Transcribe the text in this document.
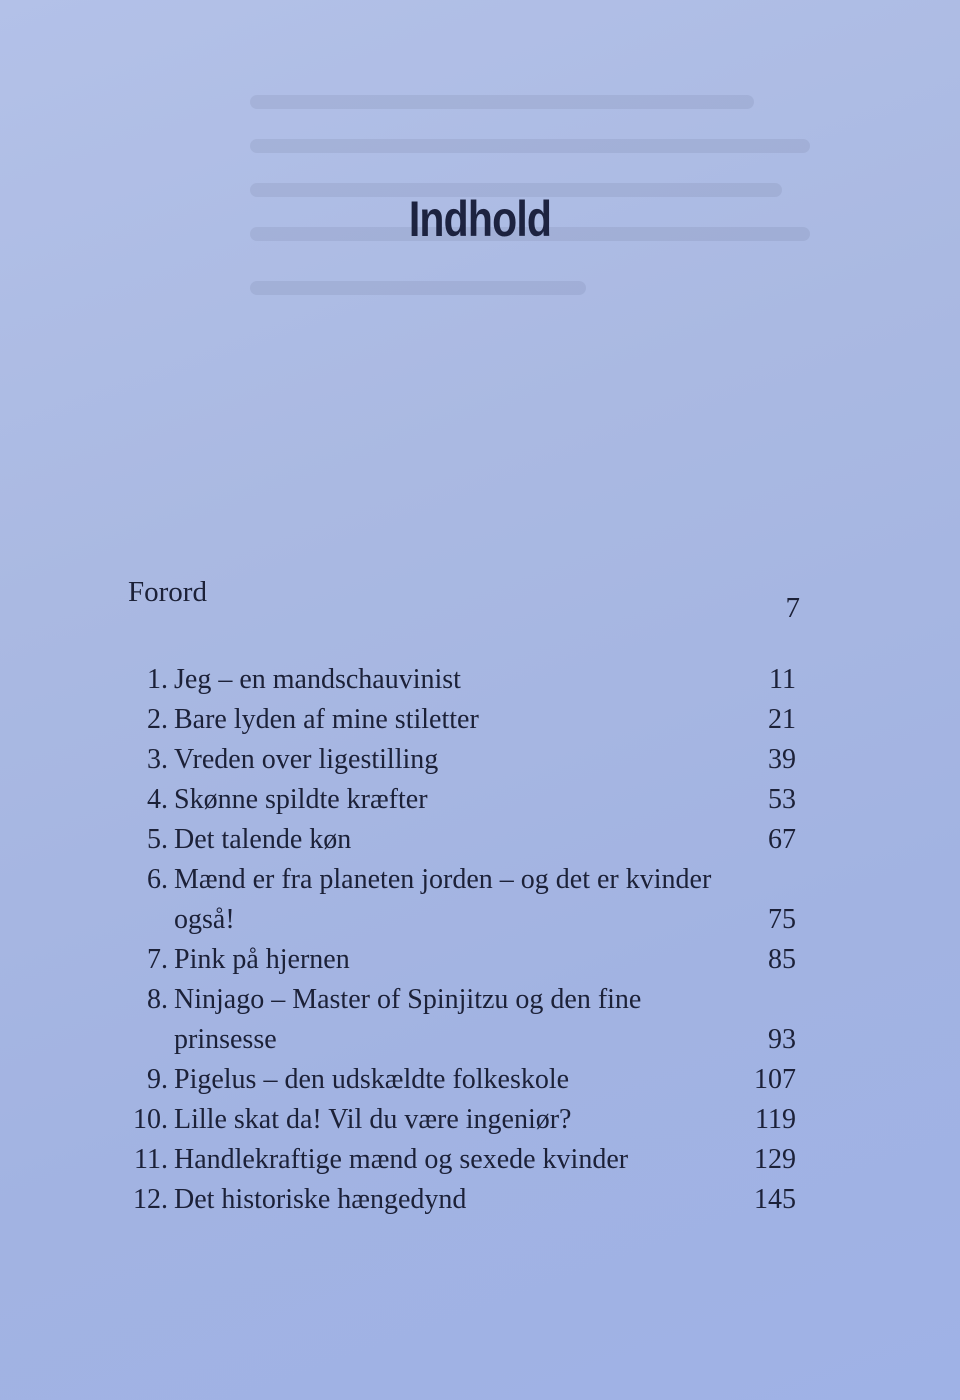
Indhold
Forord	7
1. Jeg – en mandschauvinist	11
2. Bare lyden af mine stiletter	21
3. Vreden over ligestilling	39
4. Skønne spildte kræfter	53
5. Det talende køn	67
6. Mænd er fra planeten jorden – og det er kvinder også!	75
7. Pink på hjernen	85
8. Ninjago – Master of Spinjitzu og den fine prinsesse	93
9. Pigelus – den udskældte folkeskole	107
10. Lille skat da! Vil du være ingeniør?	119
11. Handlekraftige mænd og sexede kvinder	129
12. Det historiske hængedynd	145
